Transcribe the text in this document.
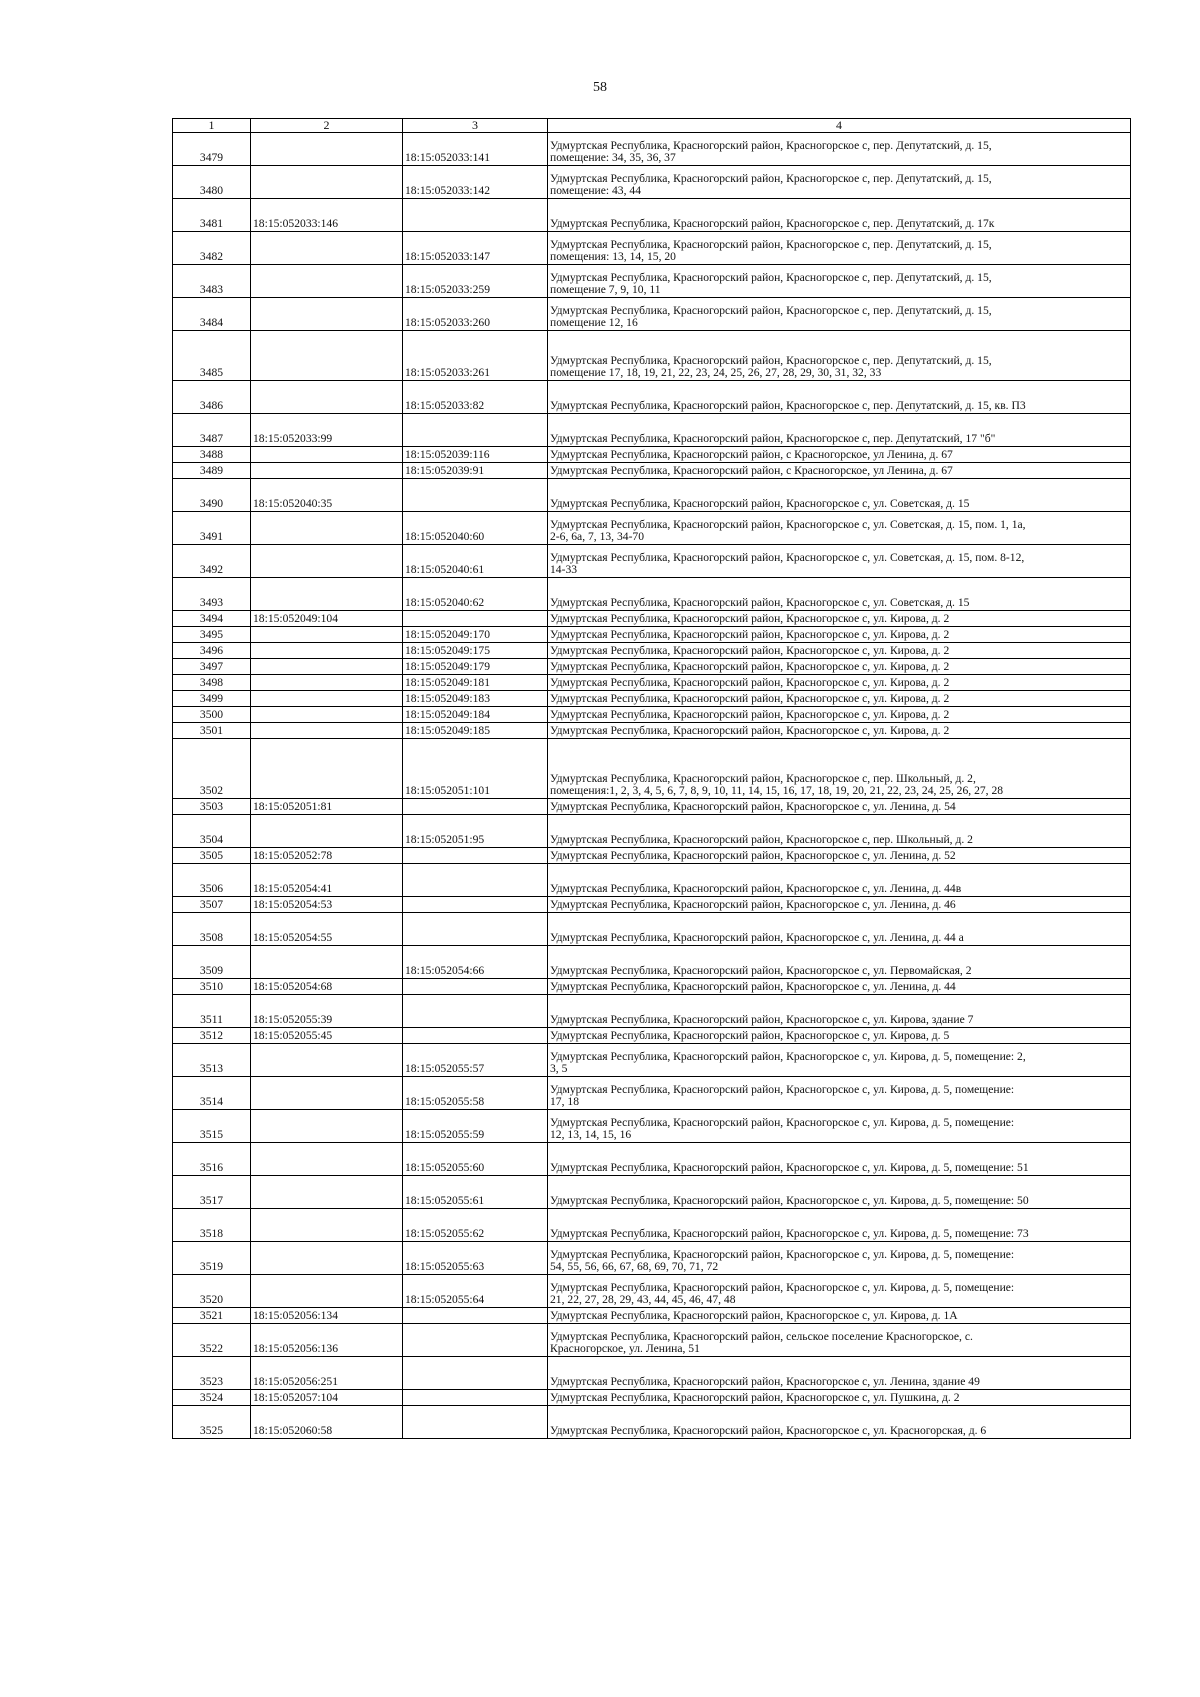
58
1	2	3	4
3479		18:15:052033:141	Удмуртская Республика, Красногорский район, Красногорское с, пер. Депутатский, д. 15,
помещение: 34, 35, 36, 37

3480		18:15:052033:142	Удмуртская Республика, Красногорский район, Красногорское с, пер. Депутатский, д. 15,
помещение: 43, 44

3481	18:15:052033:146		Удмуртская Республика, Красногорский район, Красногорское с, пер. Депутатский, д. 17к

3482		18:15:052033:147	Удмуртская Республика, Красногорский район, Красногорское с, пер. Депутатский, д. 15,
помещения: 13, 14, 15, 20

3483		18:15:052033:259	Удмуртская Республика, Красногорский район, Красногорское с, пер. Депутатский, д. 15,
помещение 7, 9, 10, 11

3484		18:15:052033:260	Удмуртская Республика, Красногорский район, Красногорское с, пер. Депутатский, д. 15,
помещение 12, 16

3485		18:15:052033:261	Удмуртская Республика, Красногорский район, Красногорское с, пер. Депутатский, д. 15,
помещение 17, 18, 19, 21, 22, 23, 24, 25, 26, 27, 28, 29, 30, 31, 32, 33

3486		18:15:052033:82	Удмуртская Республика, Красногорский район, Красногорское с, пер. Депутатский, д. 15, кв. П3

3487	18:15:052033:99		Удмуртская Республика, Красногорский район, Красногорское с, пер. Депутатский, 17 "б"

3488		18:15:052039:116	Удмуртская Республика, Красногорский район, с Красногорское, ул Ленина, д. 67

3489		18:15:052039:91	Удмуртская Республика, Красногорский район, с Красногорское, ул Ленина, д. 67

3490	18:15:052040:35		Удмуртская Республика, Красногорский район, Красногорское с, ул. Советская, д. 15

3491		18:15:052040:60	Удмуртская Республика, Красногорский район, Красногорское с, ул. Советская, д. 15, пом. 1, 1а,
2-6, 6а, 7, 13, 34-70

3492		18:15:052040:61	Удмуртская Республика, Красногорский район, Красногорское с, ул. Советская, д. 15, пом. 8-12,
14-33

3493		18:15:052040:62	Удмуртская Республика, Красногорский район, Красногорское с, ул. Советская, д. 15

3494	18:15:052049:104		Удмуртская Республика, Красногорский район, Красногорское с, ул. Кирова, д. 2

3495		18:15:052049:170	Удмуртская Республика, Красногорский район, Красногорское с, ул. Кирова, д. 2

3496		18:15:052049:175	Удмуртская Республика, Красногорский район, Красногорское с, ул. Кирова, д. 2

3497		18:15:052049:179	Удмуртская Республика, Красногорский район, Красногорское с, ул. Кирова, д. 2

3498		18:15:052049:181	Удмуртская Республика, Красногорский район, Красногорское с, ул. Кирова, д. 2

3499		18:15:052049:183	Удмуртская Республика, Красногорский район, Красногорское с, ул. Кирова, д. 2

3500		18:15:052049:184	Удмуртская Республика, Красногорский район, Красногорское с, ул. Кирова, д. 2

3501		18:15:052049:185	Удмуртская Республика, Красногорский район, Красногорское с, ул. Кирова, д. 2

3502		18:15:052051:101	Удмуртская Республика, Красногорский район, Красногорское с, пер. Школьный, д. 2,
помещения:1, 2, 3, 4, 5, 6, 7, 8, 9, 10, 11, 14, 15, 16, 17, 18, 19, 20, 21, 22, 23, 24, 25, 26, 27, 28

3503	18:15:052051:81		Удмуртская Республика, Красногорский район, Красногорское с, ул. Ленина, д. 54

3504		18:15:052051:95	Удмуртская Республика, Красногорский район, Красногорское с, пер. Школьный, д. 2

3505	18:15:052052:78		Удмуртская Республика, Красногорский район, Красногорское с, ул. Ленина, д. 52

3506	18:15:052054:41		Удмуртская Республика, Красногорский район, Красногорское с, ул. Ленина, д. 44в

3507	18:15:052054:53		Удмуртская Республика, Красногорский район, Красногорское с, ул. Ленина, д. 46

3508	18:15:052054:55		Удмуртская Республика, Красногорский район, Красногорское с, ул. Ленина, д. 44 а

3509		18:15:052054:66	Удмуртская Республика, Красногорский район, Красногорское с, ул. Первомайская, 2

3510	18:15:052054:68		Удмуртская Республика, Красногорский район, Красногорское с, ул. Ленина, д. 44

3511	18:15:052055:39		Удмуртская Республика, Красногорский район, Красногорское с, ул. Кирова, здание 7

3512	18:15:052055:45		Удмуртская Республика, Красногорский район, Красногорское с, ул. Кирова, д. 5

3513		18:15:052055:57	Удмуртская Республика, Красногорский район, Красногорское с, ул. Кирова, д. 5, помещение: 2,
3, 5

3514		18:15:052055:58	Удмуртская Республика, Красногорский район, Красногорское с, ул. Кирова, д. 5, помещение:
17, 18

3515		18:15:052055:59	Удмуртская Республика, Красногорский район, Красногорское с, ул. Кирова, д. 5, помещение:
12, 13, 14, 15, 16

3516		18:15:052055:60	Удмуртская Республика, Красногорский район, Красногорское с, ул. Кирова, д. 5, помещение: 51

3517		18:15:052055:61	Удмуртская Республика, Красногорский район, Красногорское с, ул. Кирова, д. 5, помещение: 50

3518		18:15:052055:62	Удмуртская Республика, Красногорский район, Красногорское с, ул. Кирова, д. 5, помещение: 73

3519		18:15:052055:63	Удмуртская Республика, Красногорский район, Красногорское с, ул. Кирова, д. 5, помещение:
54, 55, 56, 66, 67, 68, 69, 70, 71, 72

3520		18:15:052055:64	Удмуртская Республика, Красногорский район, Красногорское с, ул. Кирова, д. 5, помещение:
21, 22, 27, 28, 29, 43, 44, 45, 46, 47, 48

3521	18:15:052056:134		Удмуртская Республика, Красногорский район, Красногорское с, ул. Кирова, д. 1А

3522	18:15:052056:136		Удмуртская Республика, Красногорский район, сельское поселение Красногорское, с.
Красногорское, ул. Ленина, 51

3523	18:15:052056:251		Удмуртская Республика, Красногорский район, Красногорское с, ул. Ленина, здание 49

3524	18:15:052057:104		Удмуртская Республика, Красногорский район, Красногорское с, ул. Пушкина, д. 2

3525	18:15:052060:58		Удмуртская Республика, Красногорский район, Красногорское с, ул. Красногорская, д. 6
